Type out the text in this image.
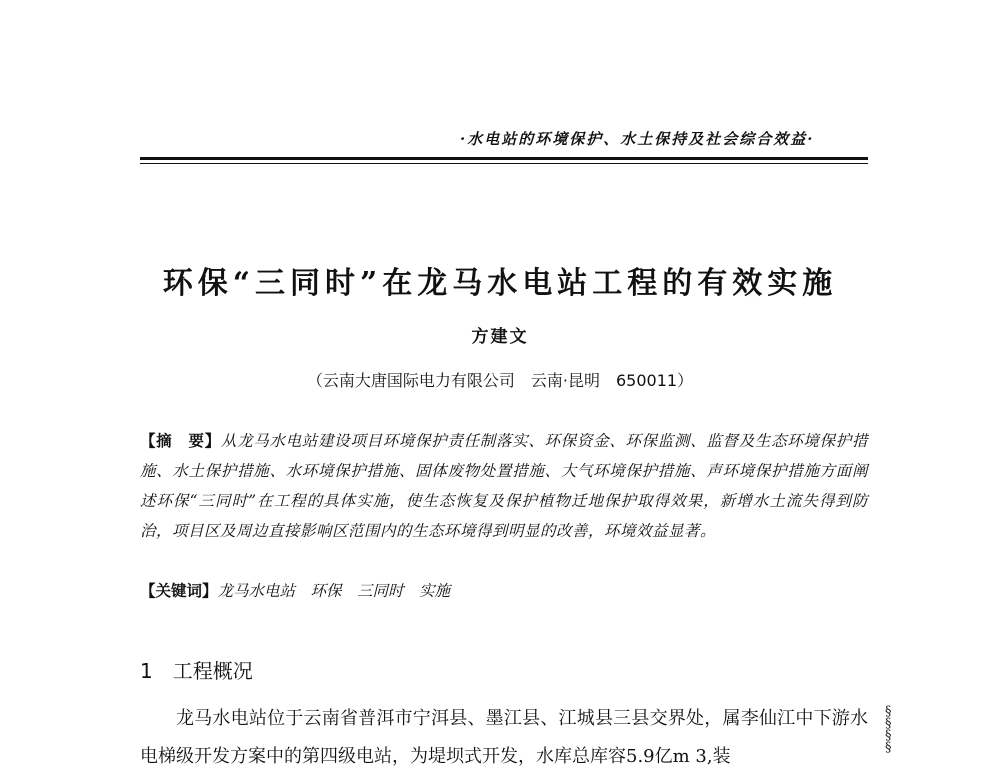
·水电站的环境保护、水土保持及社会综合效益·
环保“三同时”在龙马水电站工程的有效实施
方建文
（云南大唐国际电力有限公司　云南·昆明　650011）
【摘　要】从龙马水电站建设项目环境保护责任制落实、环保资金、环保监测、监督及生态环境保护措施、水土保护措施、水环境保护措施、固体废物处置措施、大气环境保护措施、声环境保护措施方面阐述环保“三同时”在工程的具体实施，使生态恢复及保护植物迁地保护取得效果，新增水土流失得到防治，项目区及周边直接影响区范围内的生态环境得到明显的改善，环境效益显著。
【关键词】龙马水电站　环保　三同时　实施
1　工程概况
龙马水电站位于云南省普洱市宁洱县、墨江县、江城县三县交界处，属李仙江中下游水电梯级开发方案中的第四级电站，为堤坝式开发，水库总库容5.9亿m 3,装
§
§
§
§
